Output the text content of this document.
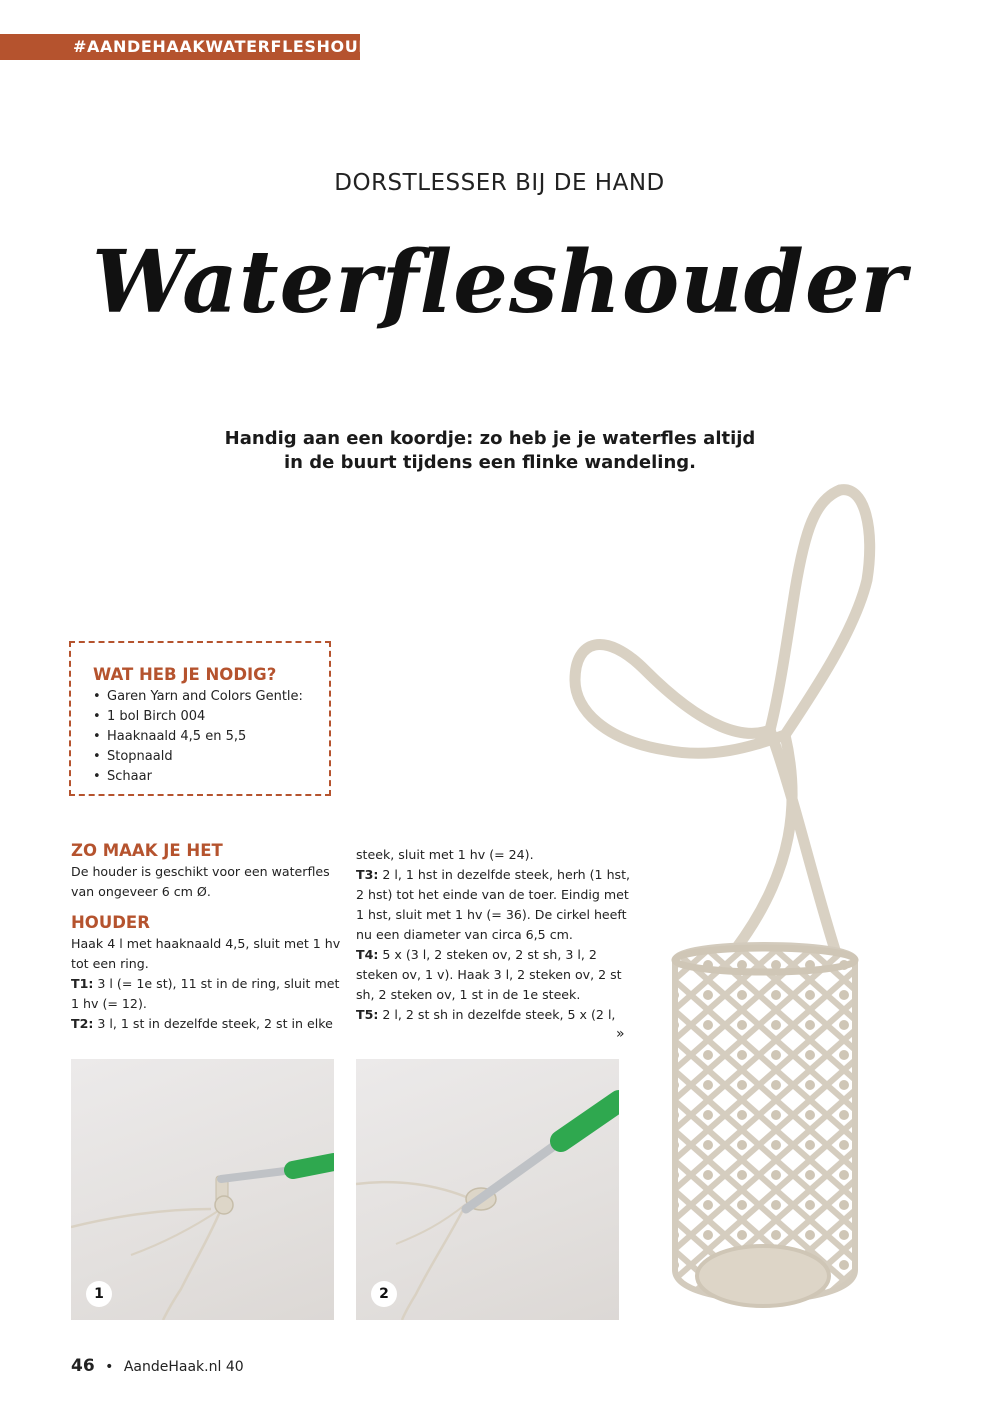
#AANDEHAAKWATERFLESHOUDER
DORSTLESSER BIJ DE HAND
Waterfleshouder

Handig aan een koordje: zo heb je je waterfles altijd

in de buurt tijdens een flinke wandeling.

WAT HEB JE NODIG?
• Garen Yarn and Colors Gentle:
• 1 bol Birch 004
• Haaknaald 4,5 en 5,5
• Stopnaald
• Schaar

ZO MAAK JE HET

De houder is geschikt voor een waterfles van ongeveer 6 cm Ø.

HOUDER

Haak 4 l met haaknaald 4,5, sluit met 1 hv tot een ring.

T1: 3 l (= 1e st), 11 st in de ring, sluit met 1 hv (= 12).

T2: 3 l, 1 st in dezelfde steek, 2 st in elke

steek, sluit met 1 hv (= 24).

T3: 2 l, 1 hst in dezelfde steek, herh (1 hst, 2 hst) tot het einde van de toer. Eindig met 1 hst, sluit met 1 hv (= 36). De cirkel heeft nu een diameter van circa 6,5 cm.

T4: 5 x (3 l, 2 steken ov, 2 st sh, 3 l, 2 steken ov, 1 v). Haak 3 l, 2 steken ov, 2 st sh, 2 steken ov, 1 st in de 1e steek.

T5: 2 l, 2 st sh in dezelfde steek, 5 x (2 l,

»
1	2
46 • AandeHaak.nl 40
